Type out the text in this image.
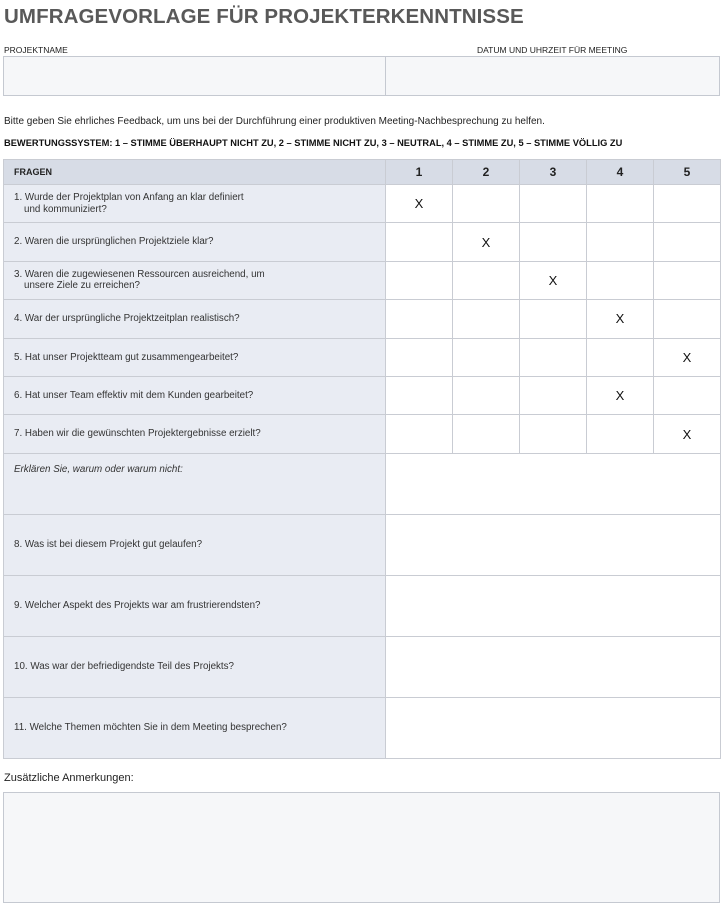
UMFRAGEVORLAGE FÜR PROJEKTERKENNTNISSE
PROJEKTNAME	DATUM UND UHRZEIT FÜR MEETING
Bitte geben Sie ehrliches Feedback, um uns bei der Durchführung einer produktiven Meeting-Nachbesprechung zu helfen.
BEWERTUNGSSYSTEM: 1 – STIMME ÜBERHAUPT NICHT ZU, 2 – STIMME NICHT ZU, 3 – NEUTRAL, 4 – STIMME ZU, 5 – STIMME VÖLLIG ZU
FRAGEN	1	2	3	4	5
1. Wurde der Projektplan von Anfang an klar definiert
und kommuniziert?	X				
2. Waren die ursprünglichen Projektziele klar?		X			
3. Waren die zugewiesenen Ressourcen ausreichend, um
unsere Ziele zu erreichen?			X		
4. War der ursprüngliche Projektzeitplan realistisch?				X	
5. Hat unser Projektteam gut zusammengearbeitet?					X
6. Hat unser Team effektiv mit dem Kunden gearbeitet?				X	
7. Haben wir die gewünschten Projektergebnisse erzielt?					X
Erklären Sie, warum oder warum nicht:					
8. Was ist bei diesem Projekt gut gelaufen?					
9. Welcher Aspekt des Projekts war am frustrierendsten?					
10. Was war der befriedigendste Teil des Projekts?					
11. Welche Themen möchten Sie in dem Meeting besprechen?					
Zusätzliche Anmerkungen:
